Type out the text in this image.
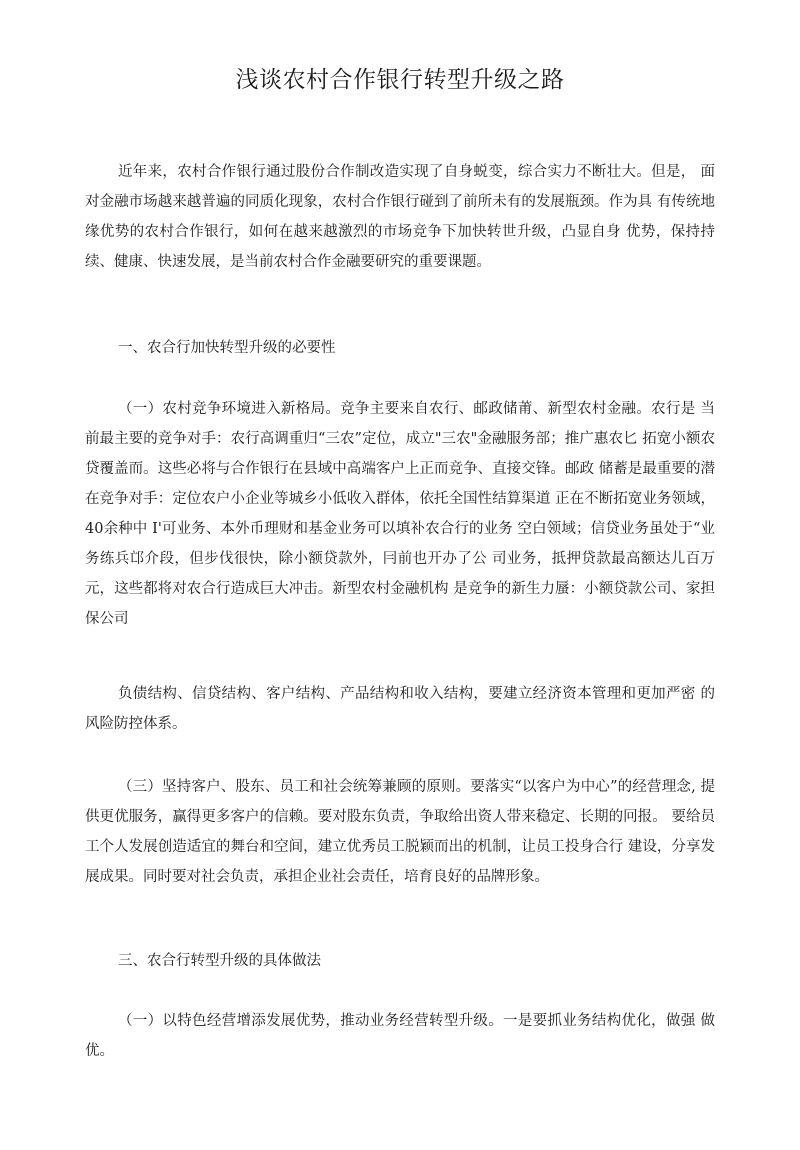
浅谈农村合作银行转型升级之路

近年来，农村合作银行通过股份合作制改造实现了自身蜕变，综合实力不断壮大。但是， 面对金融市场越来越普遍的同质化现象，农村合作银行碰到了前所未有的发展瓶颈。作为具 有传统地缘优势的农村合作银行，如何在越来越激烈的市场竞争下加快转世升级，凸显自身 优势，保持持续、健康、快速发展，是当前农村合作金融要研究的重要课题。

一、农合行加快转型升级的必要性

（一）农村竞争环境进入新格局。竞争主要来自农行、邮政储莆、新型农村金融。农行是 当前最主要的竞争对手：农行高调重归“三农”定位，成立"三农"金融服务部；推广惠农匕 拓宽小额农贷覆盖而。这些必将与合作银行在县域中高端客户上正而竞争、直接交锋。邮政 储蓄是最重要的潜在竞争对手：定位农户小企业等城乡小低收入群体，依托全国性结算渠道 正在不断拓宽业务领域，40余种中 I'可业务、本外币理财和基金业务可以填补农合行的业务 空白领域；信贷业务虽处于“业务练兵邙介段，但步伐很快，除小额贷款外，冃前也开办了公 司业务，抵押贷款最高额达儿百万元，这些都将对农合行造成巨大冲击。新型农村金融机构 是竞争的新生力蜃：小额贷款公司、家担保公司

负债结构、信贷结构、客户结构、产品结构和收入结构，要建立经济资本管理和更加严密 的风险防控体系。

（三）坚持客户、股东、员工和社会统筹兼顾的原则。要落实“以客户为中心”的经营理念, 提供更优服务，赢得更多客户的信赖。要对股东负责，争取给出资人带来稳定、长期的冋报。 要给员工个人发展创造适宜的舞台和空间，建立优秀员工脱颖而出的机制，让员工投身合行 建设，分享发展成果。同时要对社会负责，承担企业社会责任，培育良好的品牌形象。

三、农合行转型升级的具体做法

（一）以特色经营增添发展优势，推动业务经营转型升级。一是要抓业务结构优化，做强 做优。
